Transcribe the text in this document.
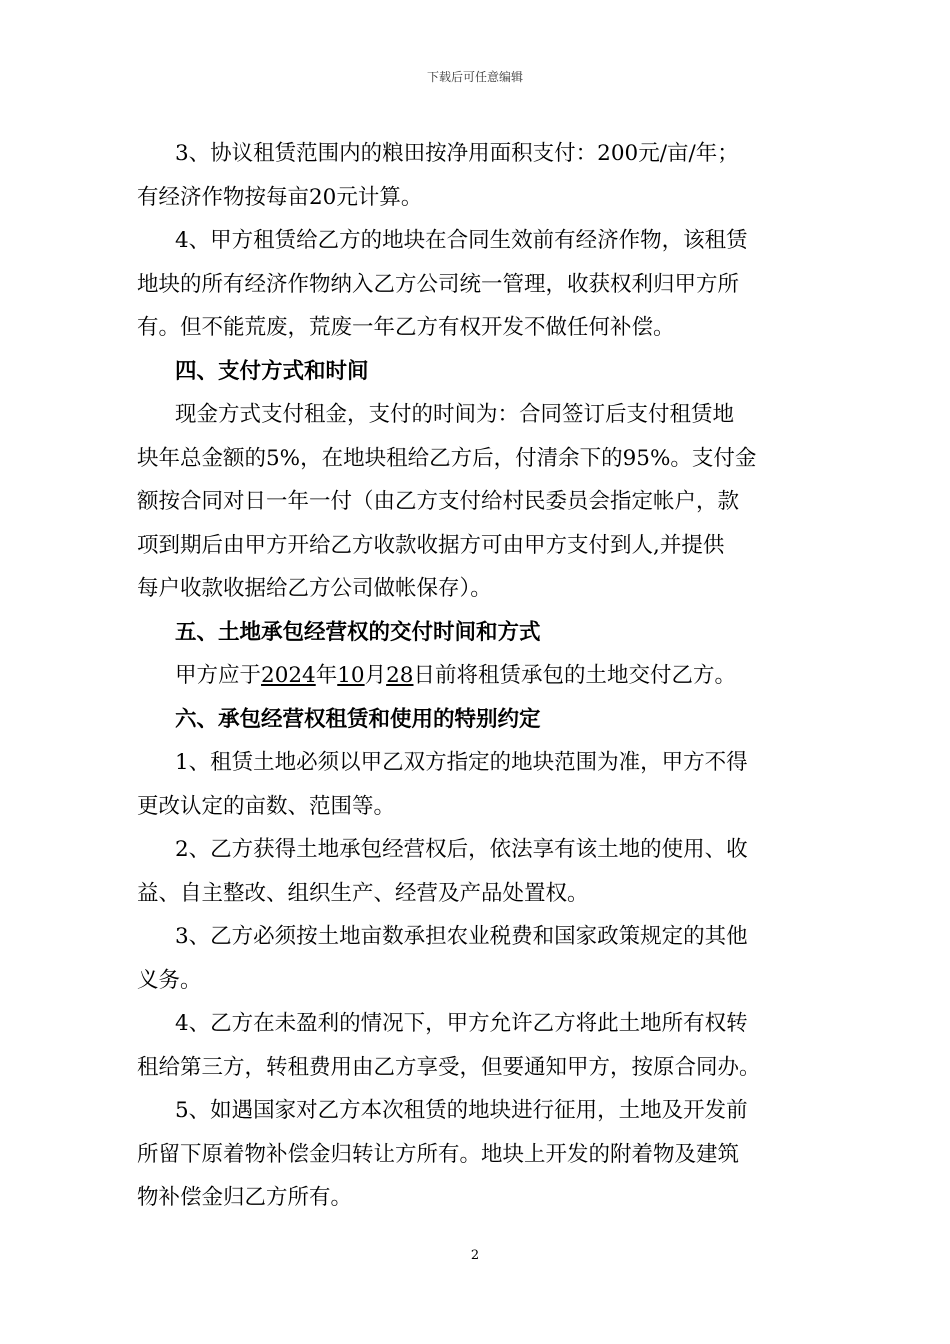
下载后可任意编辑
3、协议租赁范围内的粮田按净用面积支付：200元/亩/年；
有经济作物按每亩20元计算。
4、甲方租赁给乙方的地块在合同生效前有经济作物，该租赁
地块的所有经济作物纳入乙方公司统一管理，收获权利归甲方所
有。但不能荒废，荒废一年乙方有权开发不做任何补偿。
四、支付方式和时间
现金方式支付租金，支付的时间为：合同签订后支付租赁地
块年总金额的5%，在地块租给乙方后，付清余下的95%。支付金
额按合同对日一年一付（由乙方支付给村民委员会指定帐户，款
项到期后由甲方开给乙方收款收据方可由甲方支付到人,并提供
每户收款收据给乙方公司做帐保存）。
五、土地承包经营权的交付时间和方式
甲方应于2024年10月28日前将租赁承包的土地交付乙方。
六、承包经营权租赁和使用的特别约定
1、租赁土地必须以甲乙双方指定的地块范围为准，甲方不得
更改认定的亩数、范围等。
2、乙方获得土地承包经营权后，依法享有该土地的使用、收
益、自主整改、组织生产、经营及产品处置权。
3、乙方必须按土地亩数承担农业税费和国家政策规定的其他
义务。
4、乙方在未盈利的情况下，甲方允许乙方将此土地所有权转
租给第三方，转租费用由乙方享受，但要通知甲方，按原合同办。
5、如遇国家对乙方本次租赁的地块进行征用，土地及开发前
所留下原着物补偿金归转让方所有。地块上开发的附着物及建筑
物补偿金归乙方所有。
2
